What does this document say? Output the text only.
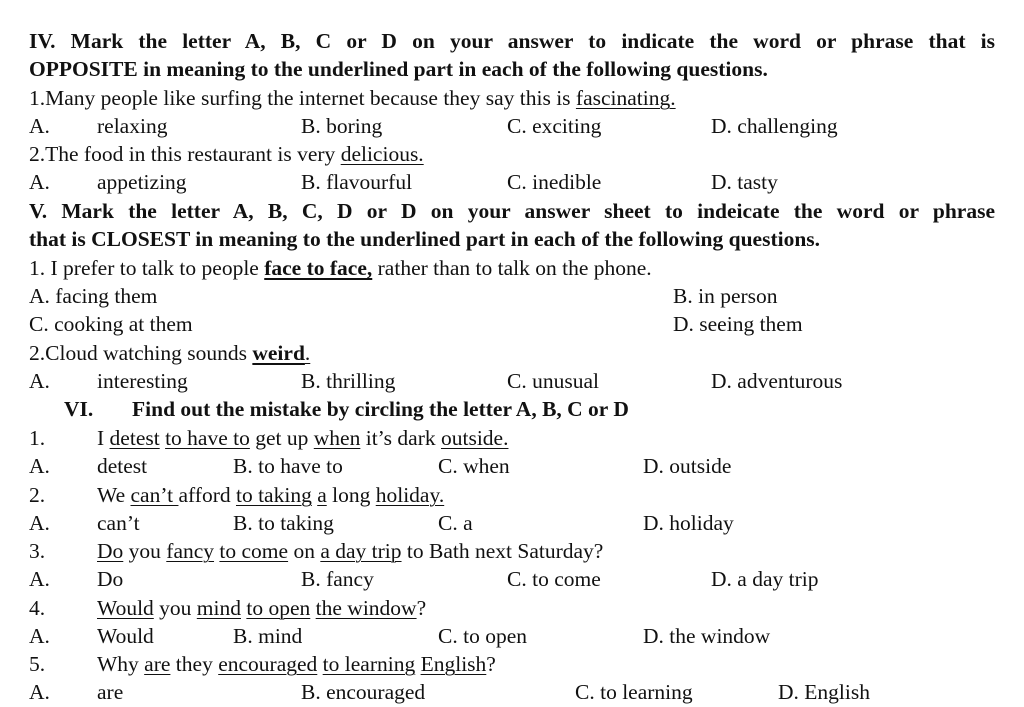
IV. Mark the letter A, B, C or D on your answer to indicate the word or phrase that is
OPPOSITE in meaning to the underlined part in each of the following questions.
1.Many people like surfing the internet because they say this is fascinating.
A. relaxing	B. boring	C. exciting	D. challenging
2.The food in this restaurant is very delicious.
A. appetizing	B. flavourful	C. inedible	D. tasty
V. Mark the letter A, B, C, D or D on your answer sheet to indeicate the word or phrase
that is CLOSEST in meaning to the underlined part in each of the following questions.
1. I prefer to talk to people face to face, rather than to talk on the phone.
A. facing them	B. in person
C. cooking at them	D. seeing them
2.Cloud watching sounds weird.
A. interesting	B. thrilling	C. unusual	D. adventurous
VI. Find out the mistake by circling the letter A, B, C or D
1. I detest to have to get up when it’s dark outside.
A. detest	B. to have to	C. when	D. outside
2. We can’t afford to taking a long holiday.
A. can’t	B. to taking	C. a	D. holiday
3. Do you fancy to come on a day trip to Bath next Saturday?
A. Do	B. fancy	C. to come	D. a day trip
4. Would you mind to open the window?
A. Would	B. mind	C. to open	D. the window
5. Why are they encouraged to learning English?
A. are	B. encouraged	C. to learning	D. English
